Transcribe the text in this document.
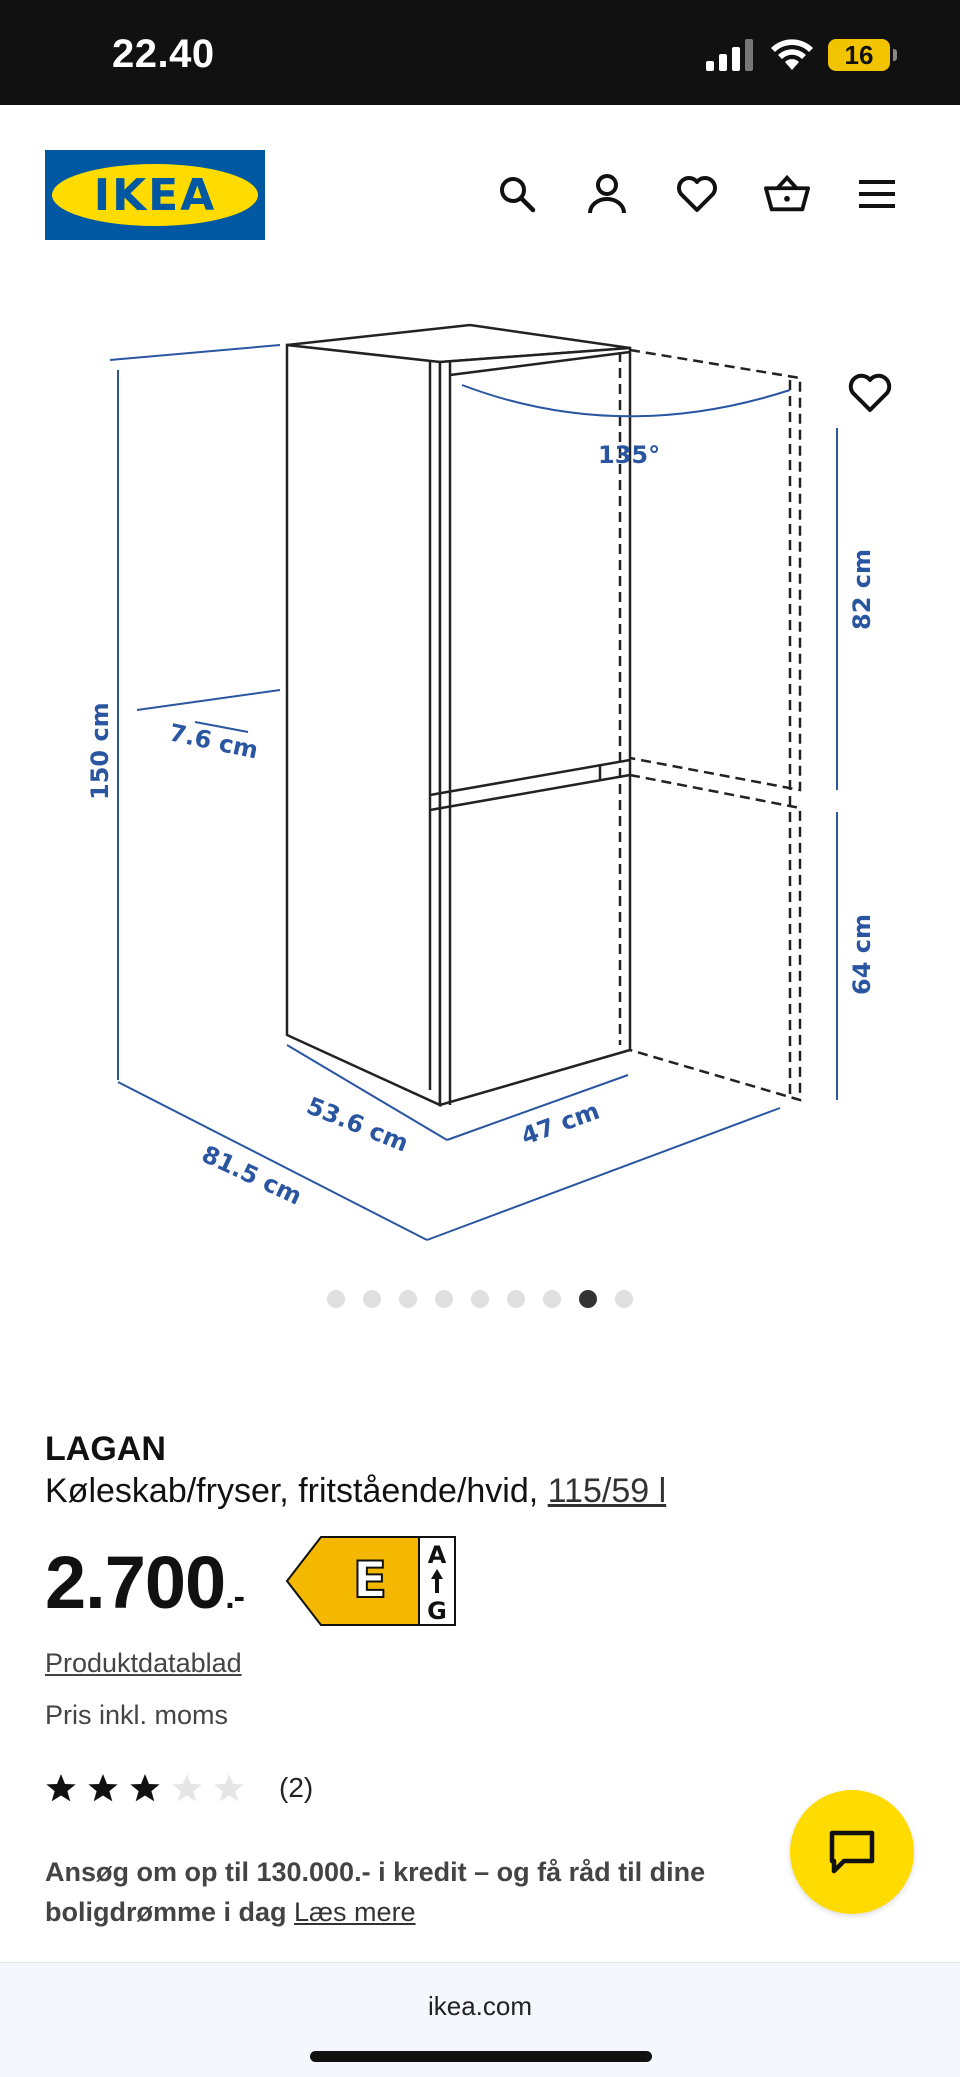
22.40	16
IKEA
135°
150 cm
82 cm
64 cm
7.6 cm
53.6 cm	47 cm
81.5 cm
LAGAN
Køleskab/fryser, fritstående/hvid, 115/59 l
2.700.- E A
G
Produktdatablad
Pris inkl. moms
(2)
Ansøg om op til 130.000.- i kredit – og få råd til dine boligdrømme i dag Læs mere
ikea.com
